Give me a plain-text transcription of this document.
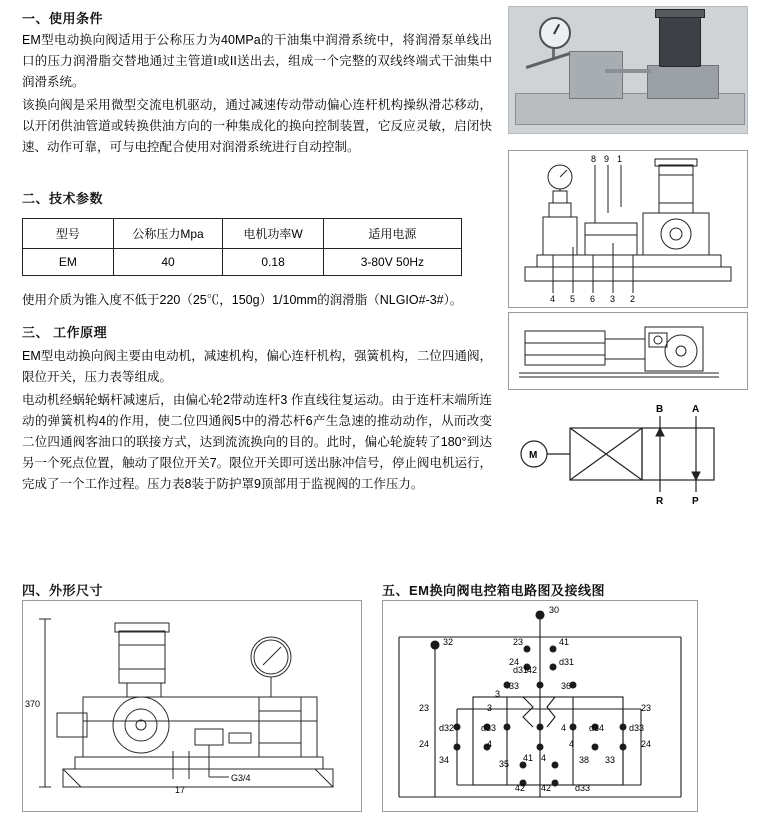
一、使用条件

EM型电动换向阀适用于公称压力为40MPa的干油集中润滑系统中，将润滑泵单线出口的压力润滑脂交替地通过主管道I或II送出去，组成一个完整的双线终端式干油集中润滑系统。

该换向阀是采用微型交流电机驱动，通过减速传动带动偏心连杆机构操纵滑芯移动，以开闭供油管道或转换供油方向的一种集成化的换向控制装置，它反应灵敏，启闭快速、动作可靠，可与电控配合使用对润滑系统进行自动控制。

二、技术参数
型号	公称压力Mpa	电机功率W	适用电源
EM	40	0.18	3-80V 50Hz
使用介质为锥入度不低于220（25℃，150g）1/10mm的润滑脂（NLGIO#-3#）。
三、 工作原理

EM型电动换向阀主要由电动机，减速机构，偏心连杆机构，强簧机构，二位四通阀，限位开关，压力表等组成。

电动机经蜗轮蜗杆减速后，由偏心轮2带动连杆3 作直线往复运动。由于连杆末端所连动的弹簧机构4的作用，使二位四通阀5中的滑芯杆6产生急速的推动动作，从而改变二位四通阀客油口的联接方式，达到流流换向的目的。此时，偏心轮旋转了180°到达另一个死点位置，触动了限位开关7。限位开关即可送出脉冲信号，停止阀电机运行，完成了一个工作过程。压力表8装于防护罩9顶部用于监视阀的工作压力。

四、外形尺寸	五、EM换向阀电控箱电路图及接线图
8 9 1
4 5 6 3 2
M
B	A
R	P
370
17
G3/4
30
32	23	41
24	d31
42
d31
33
3
36
23	3	23
d32	d33	4	d34	d33
24	4	4	24
34	35
41 4	38 33
42 42	d33
